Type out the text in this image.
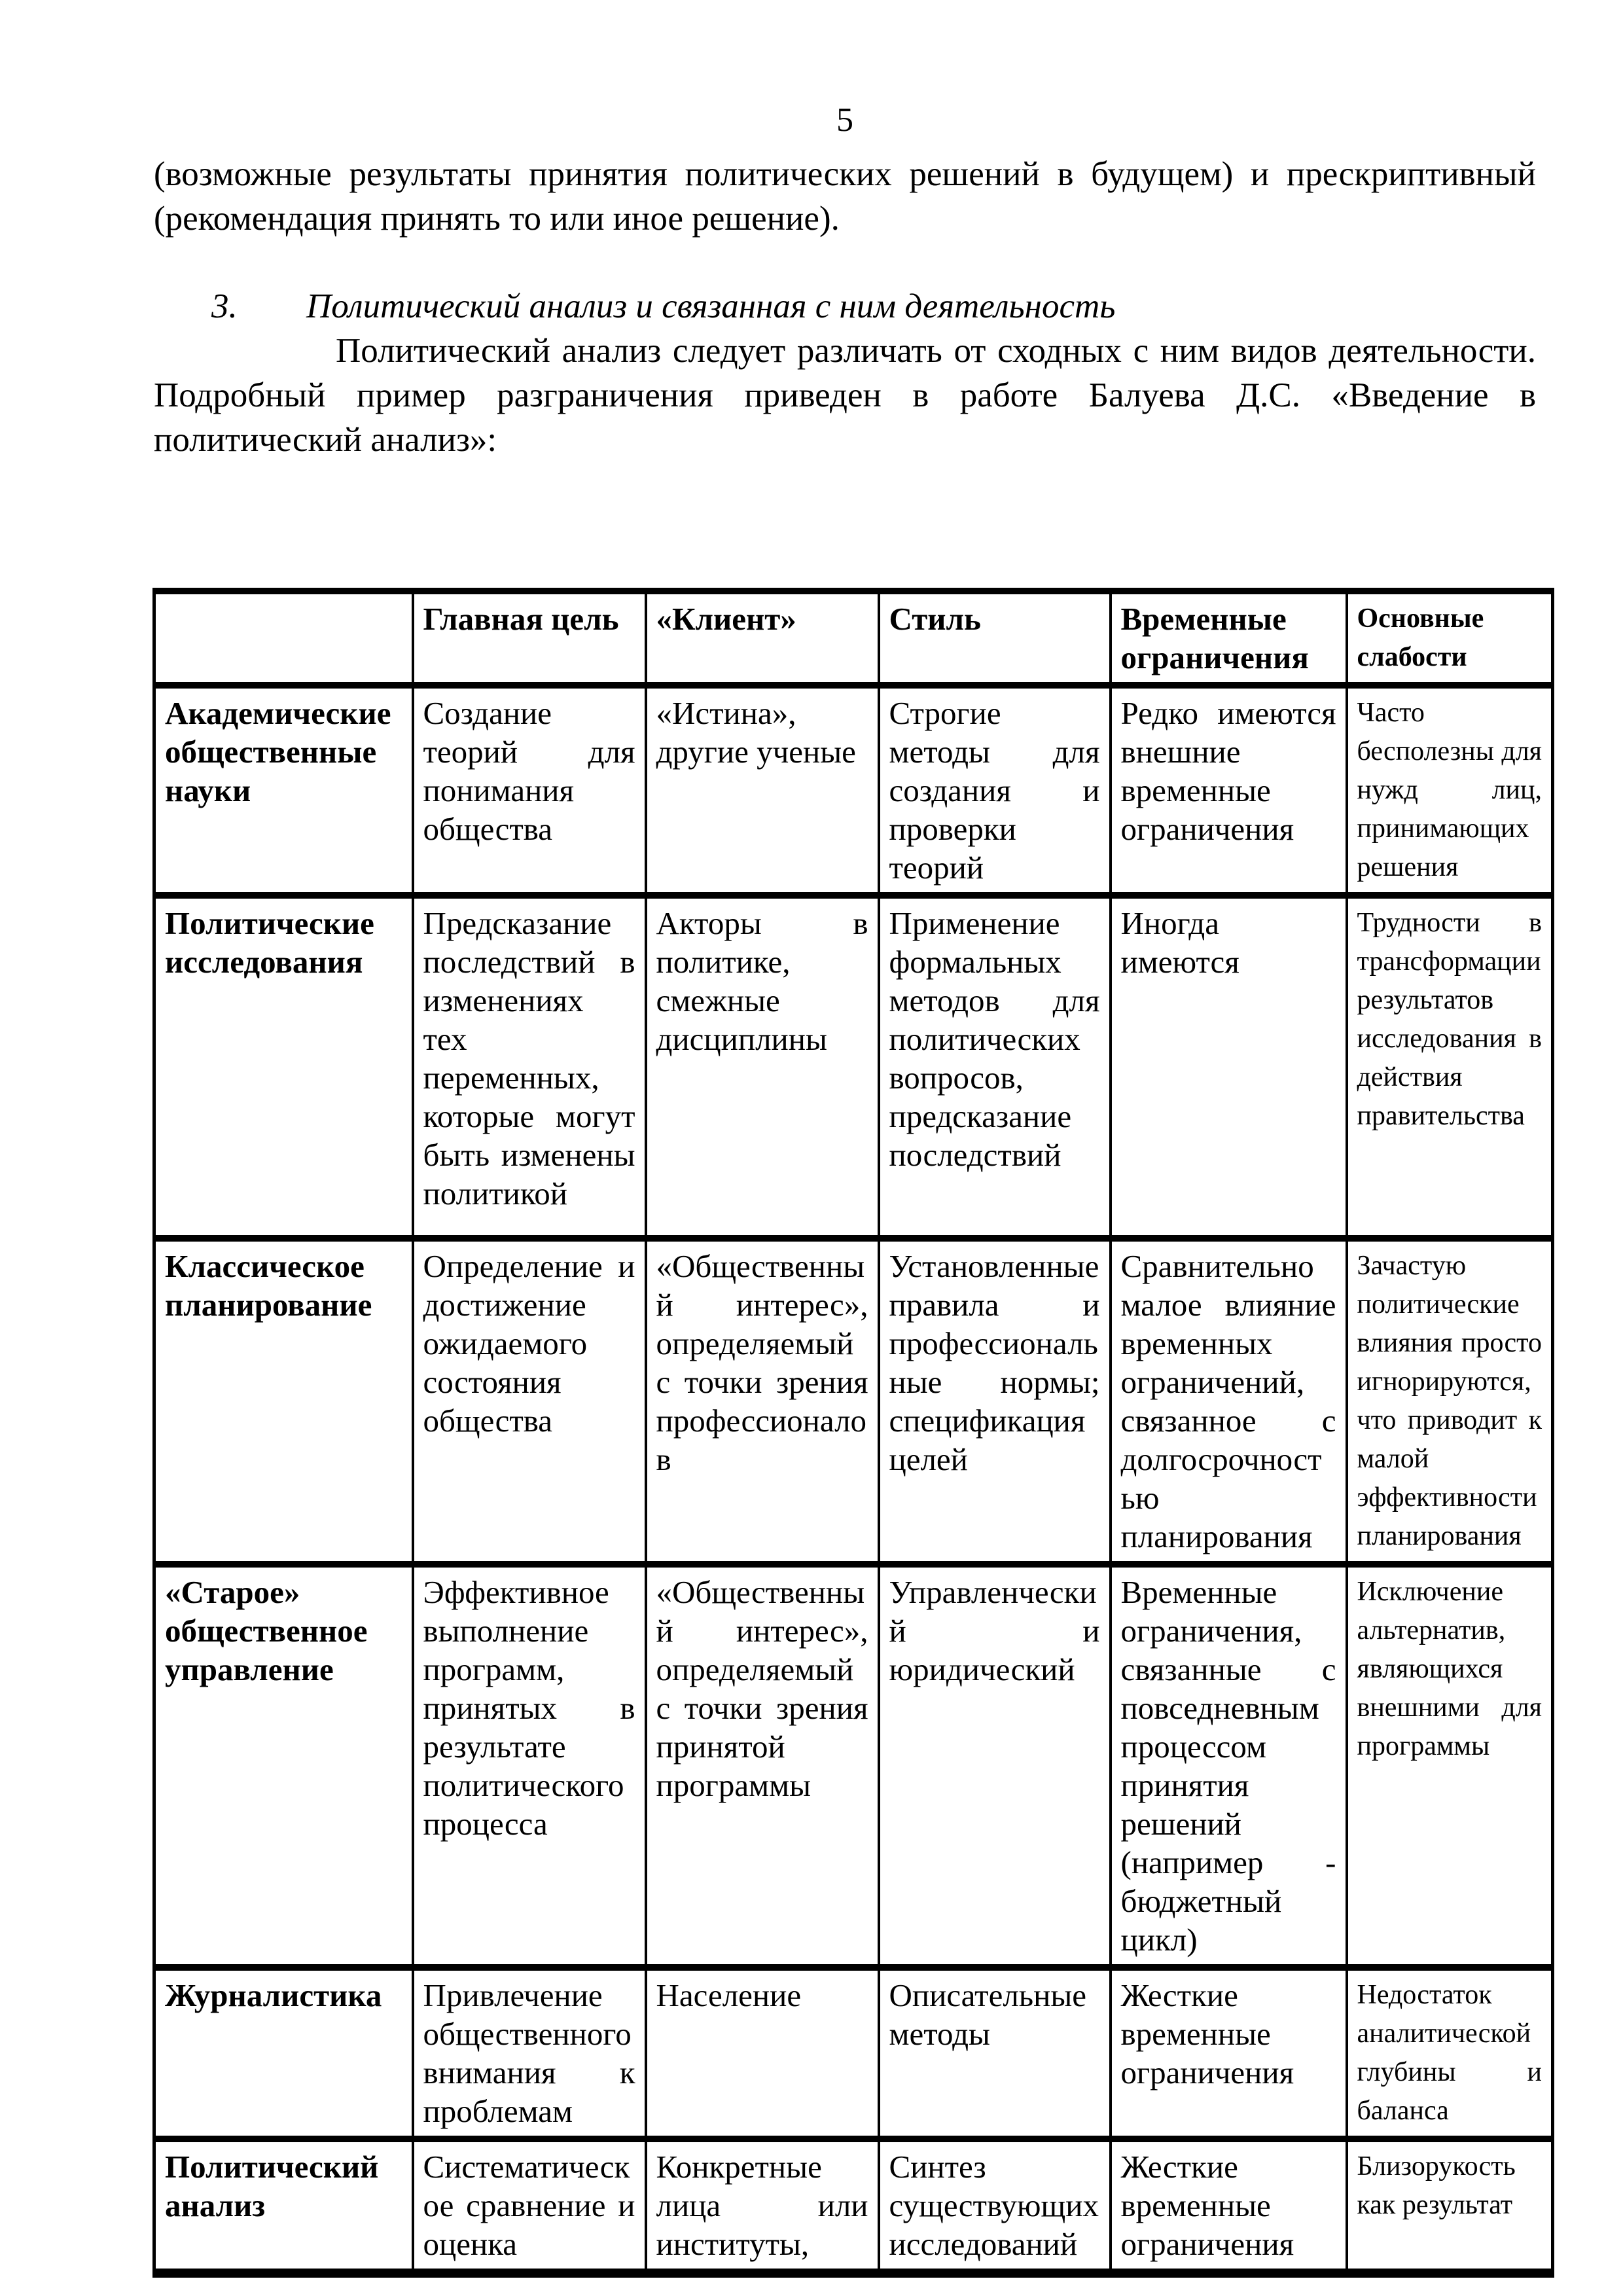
5

(возможные результаты принятия политических решений в будущем) и прескриптивный (рекомендация принять то или иное решение).

3. Политический анализ и связанная с ним деятельность

Политический анализ следует различать от сходных с ним видов деятельности. Подробный пример разграничения приведен в работе Балуева Д.С. «Введение в политический анализ»:

	Главная цель	«Клиент»	Стиль	Временные ограничения	Основные слабости
Академические общественные науки	Создание теорий для понимания общества	«Истина», другие ученые	Строгие методы для создания и проверки теорий	Редко имеются внешние временные ограничения	Часто бесполезны для нужд лиц, принимающих решения
Политические исследования	Предсказание последствий в изменениях тех переменных, которые могут быть изменены политикой	Акторы в политике, смежные дисциплины	Применение формальных методов для политических вопросов, предсказание последствий	Иногда имеются	Трудности в трансформации результатов исследования в действия правительства
Классическое планирование	Определение и достижение ожидаемого состояния общества	«Общественный интерес», определяемый с точки зрения профессионалов	Установленные правила и профессиональные нормы; спецификация целей	Сравнительно малое влияние временных ограничений, связанное с долгосрочностью планирования	Зачастую политические влияния просто игнорируются, что приводит к малой эффективности планирования
«Старое» общественное управление	Эффективное выполнение программ, принятых в результате политического процесса	«Общественный интерес», определяемый с точки зрения принятой программы	Управленческий и юридический	Временные ограничения, связанные с повседневным процессом принятия решений (например - бюджетный цикл)	Исключение альтернатив, являющихся внешними для программы
Журналистика	Привлечение общественного внимания к проблемам	Население	Описательные методы	Жесткие временные ограничения	Недостаток аналитической глубины и баланса
Политический анализ	Систематическое сравнение и оценка	Конкретные лица или институты,	Синтез существующих исследований	Жесткие временные ограничения	Близорукость как результат
